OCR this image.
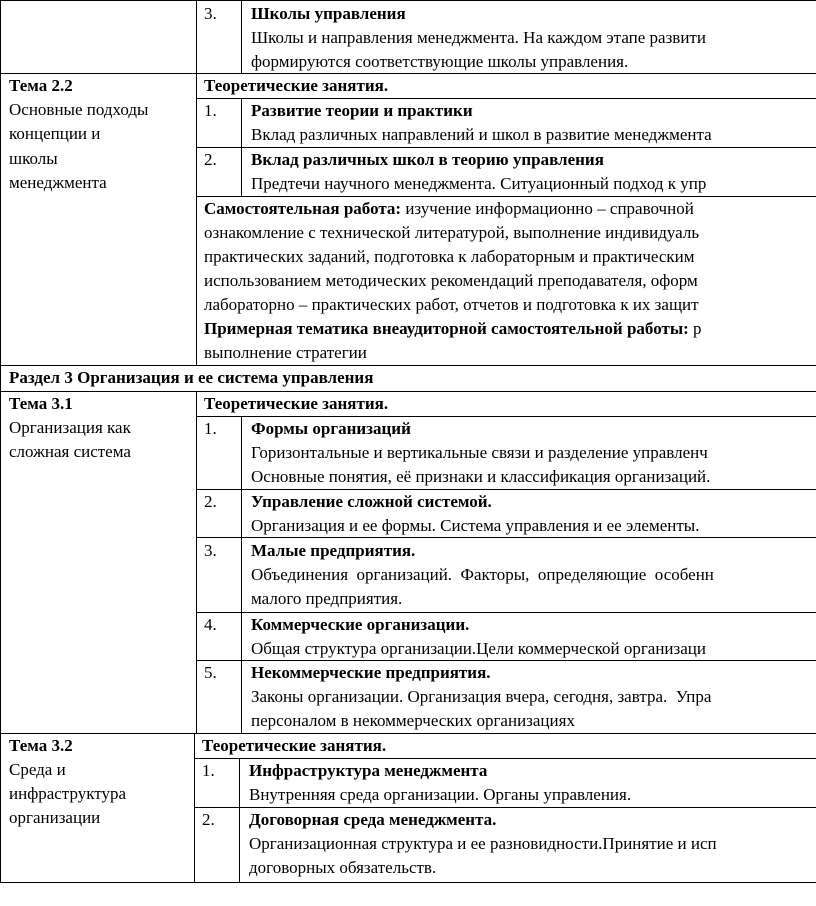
3. Школы управления
Школы и направления менеджмента. На каждом этапе развити
формируются соответствующие школы управления.
Тема 2.2
Основные подходы
концепции и
школы
менеджмента
Теоретические занятия.
1. Развитие теории и практики
Вклад различных направлений и школ в развитие менеджмента
2. Вклад различных школ в теорию управления
Предтечи научного менеджмента. Ситуационный подход к упр
Самостоятельная работа: изучение информационно – справочной
ознакомление с технической литературой, выполнение индивидуаль
практических заданий, подготовка к лабораторным и практическим
использованием методических рекомендаций преподавателя, оформ
лабораторно – практических работ, отчетов и подготовка к их защит
Примерная тематика внеаудиторной самостоятельной работы: р
выполнение стратегии
Раздел 3 Организация и ее система управления
Тема 3.1
Организация как
сложная система
Теоретические занятия.
1. Формы организаций
Горизонтальные и вертикальные связи и разделение управленч
Основные понятия, её признаки и классификация организаций.
2. Управление сложной системой.
Организация и ее формы. Система управления и ее элементы.
3. Малые предприятия.
Объединения  организаций.  Факторы,  определяющие  особенн
малого предприятия.
4. Коммерческие организации.
Общая структура организации.Цели коммерческой организаци
5. Некоммерческие предприятия.
Законы организации. Организация вчера, сегодня, завтра.  Упра
персоналом в некоммерческих организациях
Тема 3.2
Среда и
инфраструктура
организации
Теоретические занятия.
1. Инфраструктура менеджмента
Внутренняя среда организации. Органы управления.
2. Договорная среда менеджмента.
Организационная структура и ее разновидности.Принятие и исп
договорных обязательств.
